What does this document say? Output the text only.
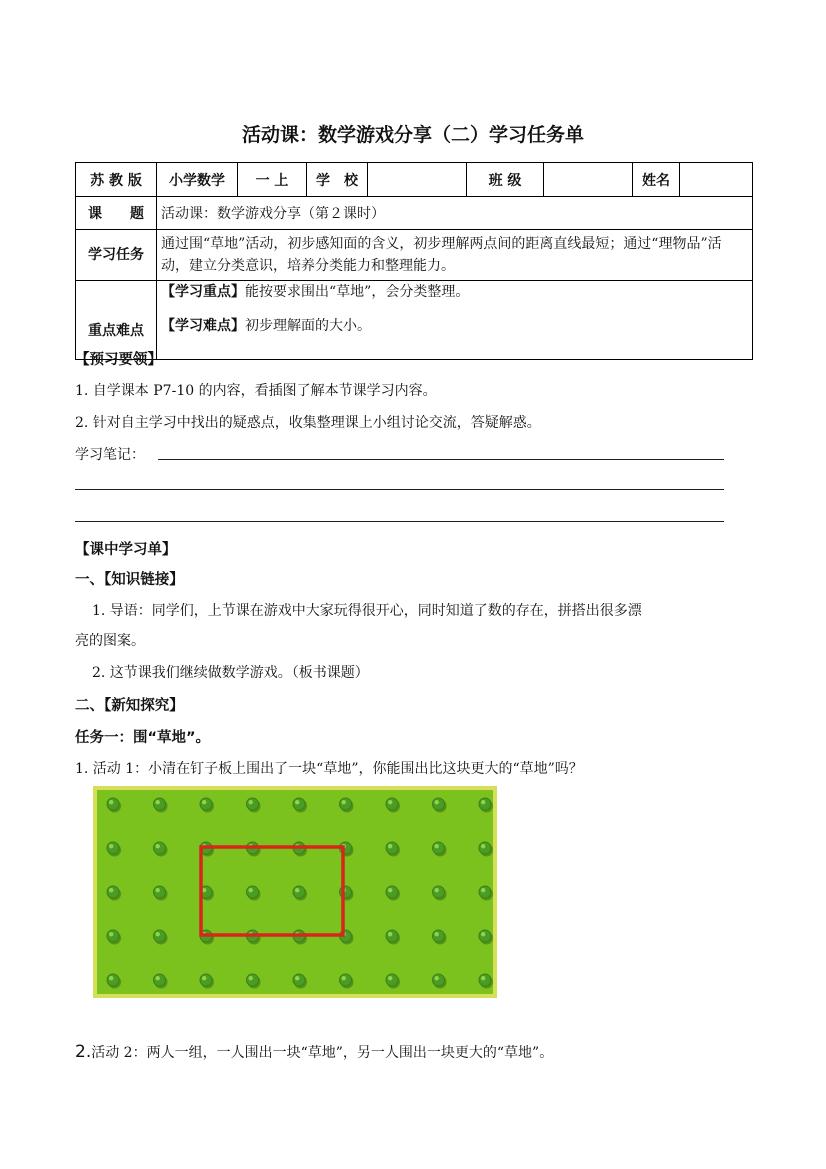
活动课：数学游戏分享（二）学习任务单
苏 教 版	小学数学	一 上	学　校		班 级		姓名	
课　　题	活动课：数学游戏分享（第２课时）							
学习任务	通过围“草地”活动，初步感知面的含义，初步理解两点间的距离直线最短；通过“理物品”活动，建立分类意识，培养分类能力和整理能力。							
重点难点	【学习重点】能按要求围出“草地”，会分类整理。
【学习难点】初步理解面的大小。							
【预习要领】
1. 自学课本 P7-10 的内容，看插图了解本节课学习内容。
2. 针对自主学习中找出的疑惑点，收集整理课上小组讨论交流，答疑解惑。
学习笔记：
【课中学习单】
一、【知识链接】
1. 导语：同学们，上节课在游戏中大家玩得很开心，同时知道了数的存在，拼搭出很多漂
亮的图案。
2. 这节课我们继续做数学游戏。（板书课题）
二、【新知探究】
任务一：围“草地”。
1. 活动 1：小清在钉子板上围出了一块“草地”，你能围出比这块更大的“草地”吗？
2.活动 2：两人一组，一人围出一块“草地”，另一人围出一块更大的“草地”。
